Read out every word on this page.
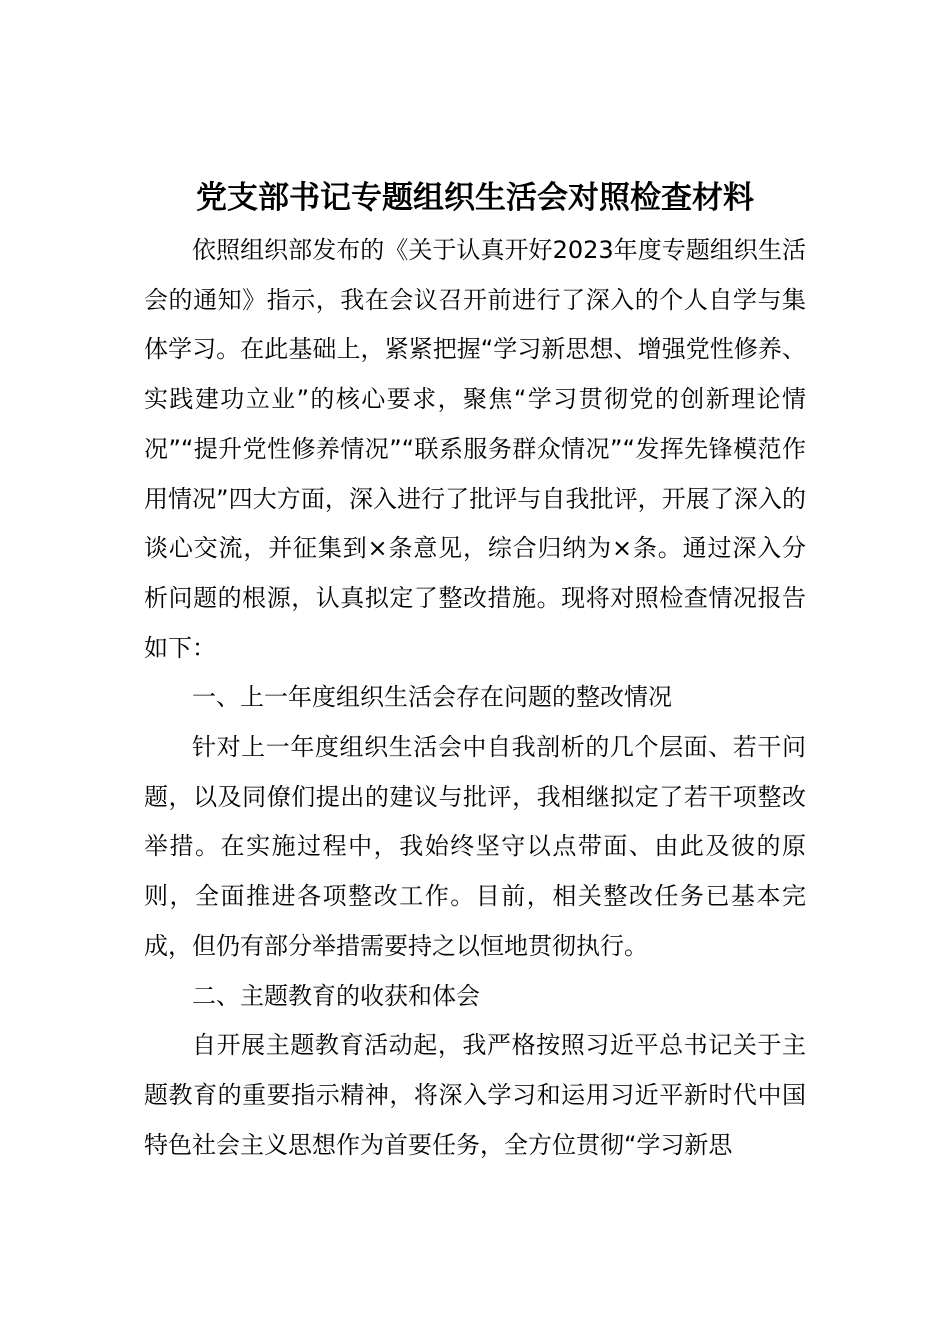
党支部书记专题组织生活会对照检查材料

依照组织部发布的《关于认真开好2023年度专题组织生活会的通知》指示，我在会议召开前进行了深入的个人自学与集体学习。在此基础上，紧紧把握“学习新思想、增强党性修养、实践建功立业”的核心要求，聚焦“学习贯彻党的创新理论情况”“提升党性修养情况”“联系服务群众情况”“发挥先锋模范作用情况”四大方面，深入进行了批评与自我批评，开展了深入的谈心交流，并征集到×条意见，综合归纳为×条。通过深入分析问题的根源，认真拟定了整改措施。现将对照检查情况报告如下：

一、上一年度组织生活会存在问题的整改情况

针对上一年度组织生活会中自我剖析的几个层面、若干问题，以及同僚们提出的建议与批评，我相继拟定了若干项整改举措。在实施过程中，我始终坚守以点带面、由此及彼的原则，全面推进各项整改工作。目前，相关整改任务已基本完成，但仍有部分举措需要持之以恒地贯彻执行。

二、主题教育的收获和体会

自开展主题教育活动起，我严格按照习近平总书记关于主题教育的重要指示精神，将深入学习和运用习近平新时代中国特色社会主义思想作为首要任务，全方位贯彻“学习新思
